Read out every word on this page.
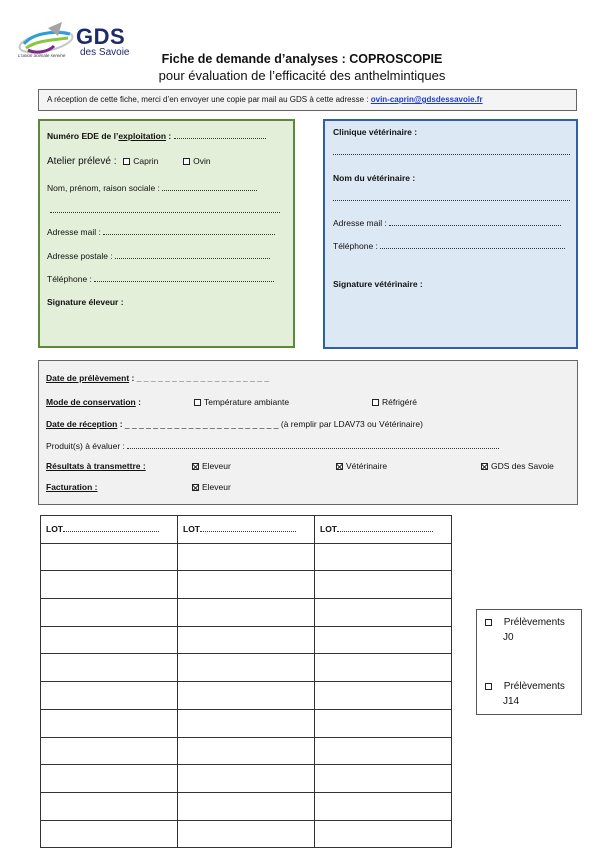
GDS
des Savoie
L'union animale sereine	Fiche de demande d’analyses : COPROSCOPIE
pour évaluation de l’efficacité des anthelmintiques
A réception de cette fiche, merci d’en envoyer une copie par mail au GDS à cette adresse : ovin-caprin@gdsdessavoie.fr
Numéro EDE de l’exploitation :
Atelier prélevé : Caprin	Ovin
Nom, prénom, raison sociale :
Adresse mail :
Adresse postale :
Téléphone :
Signature éleveur :
Clinique vétérinaire :
Nom du vétérinaire :
Adresse mail :
Téléphone :
Signature vétérinaire :
Date de prélèvement : _ _ _ _ _ _ _ _ _ _ _ _ _ _ _ _ _ _ _
Mode de conservation :	Température ambiante	Réfrigéré
Date de réception : _ _ _ _ _ _ _ _ _ _ _ _ _ _ _ _ _ _ _ _ _ _ (à remplir par LDAV73 ou Vétérinaire)
Produit(s) à évaluer :
Résultats à transmettre :	Eleveur	Vétérinaire	GDS des Savoie
Facturation :	Eleveur
LOT	LOT	LOT

Prélèvements
J0
Prélèvements
J14
